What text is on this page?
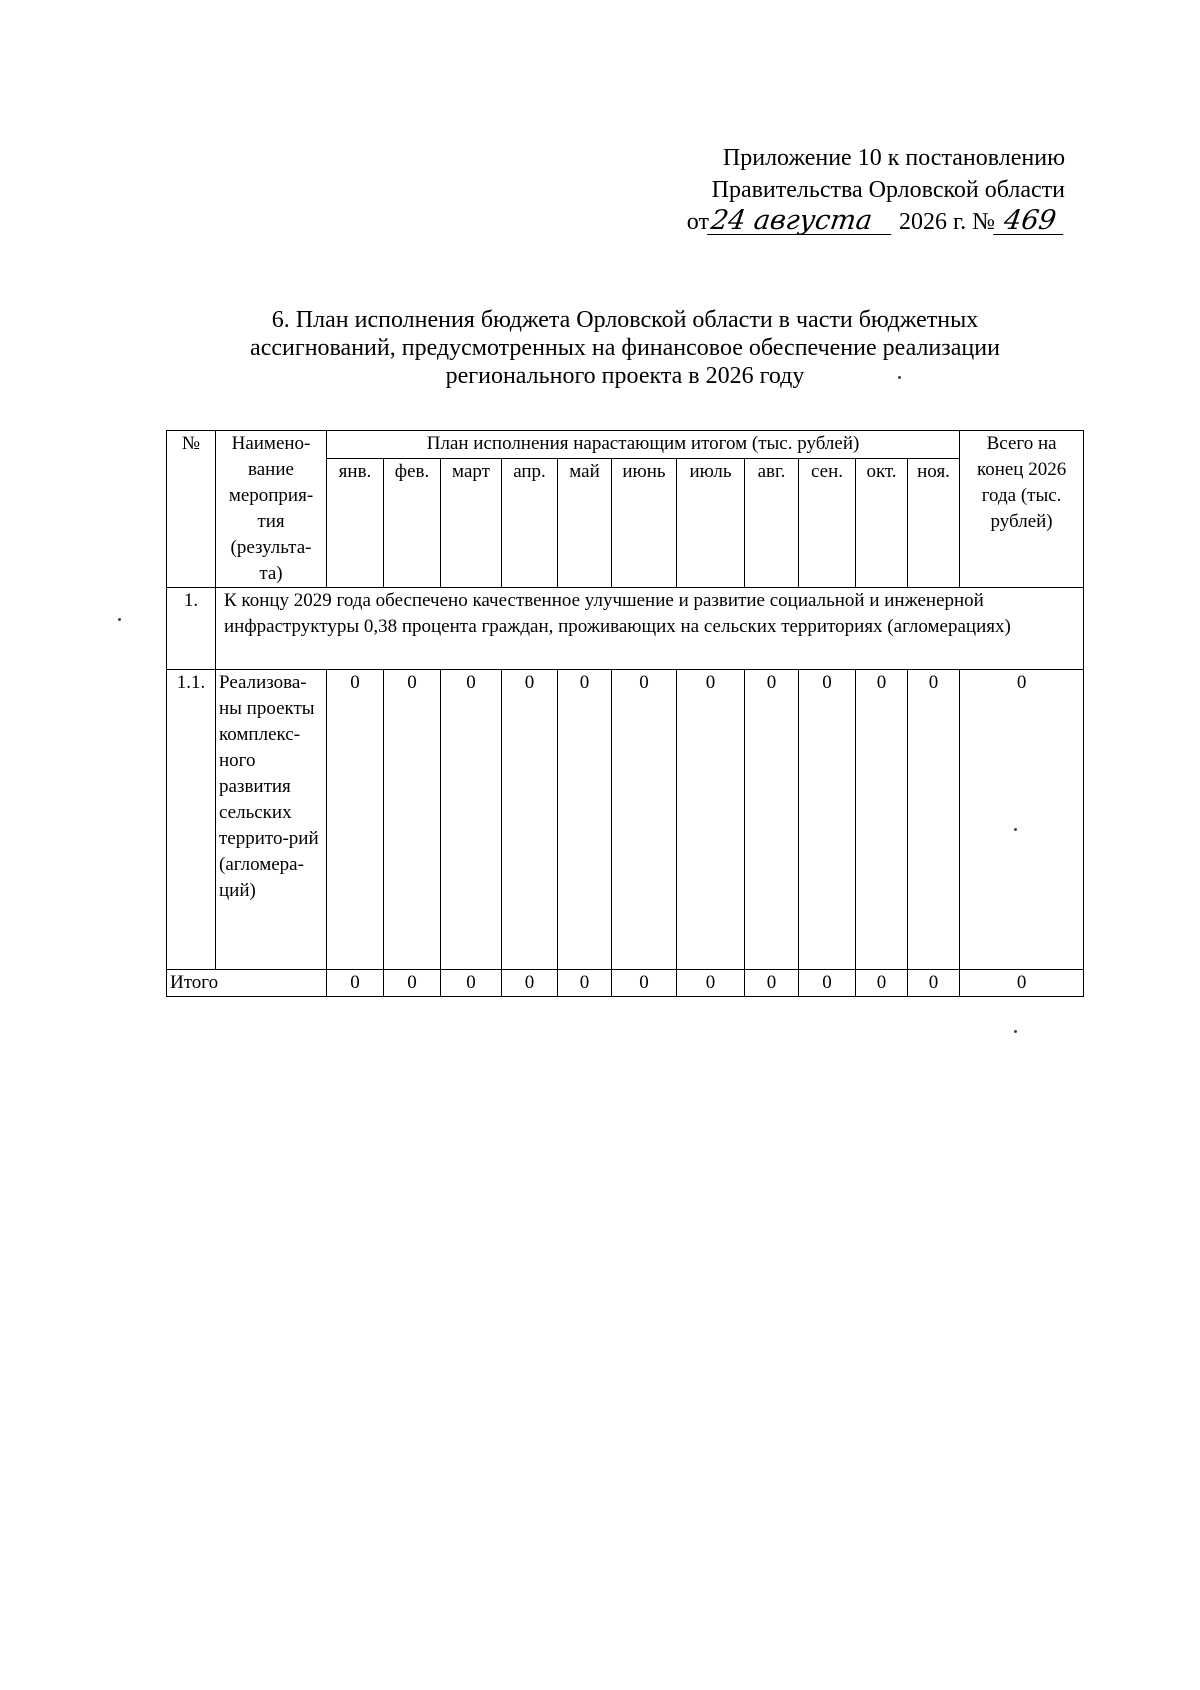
Приложение 10 к постановлению
Правительства Орловской области
от24 августа 2026 г. № 469
6. План исполнения бюджета Орловской области в части бюджетных
ассигнований, предусмотренных на финансовое обеспечение реализации
регионального проекта в 2026 году
№	Наимено-вание мероприя-тия (результа-та)	План исполнения нарастающим итогом (тыс. рублей)											Всего на конец 2026 года (тыс. рублей)
		янв.	фев.	март	апр.	май	июнь	июль	авг.	сен.	окт.	ноя.	
1.	К концу 2029 года обеспечено качественное улучшение и развитие социальной и инженерной инфраструктуры 0,38 процента граждан, проживающих на сельских территориях (агломерациях)												
1.1.	Реализова-ны проекты комплекс-ного развития сельских террито-рий (агломера-ций)	0	0	0	0	0	0	0	0	0	0	0	0
Итого		0	0	0	0	0	0	0	0	0	0	0	0
